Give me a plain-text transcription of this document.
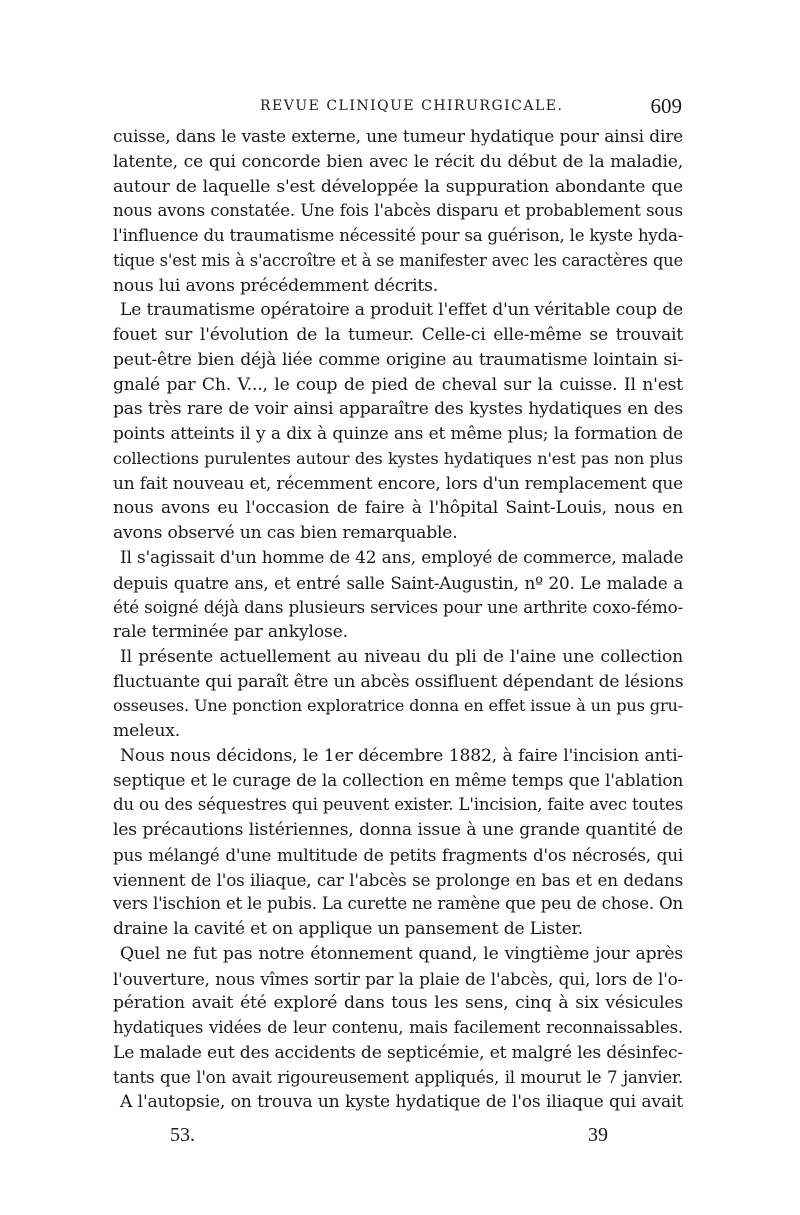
REVUE CLINIQUE CHIRURGICALE.	609
cuisse, dans le vaste externe, une tumeur hydatique pour ainsi dire
latente, ce qui concorde bien avec le récit du début de la maladie,
autour de laquelle s'est développée la suppuration abondante que
nous avons constatée. Une fois l'abcès disparu et probablement sous
l'influence du traumatisme nécessité pour sa guérison, le kyste hyda-
tique s'est mis à s'accroître et à se manifester avec les caractères que
nous lui avons précédemment décrits.
Le traumatisme opératoire a produit l'effet d'un véritable coup de
fouet sur l'évolution de la tumeur. Celle-ci elle-même se trouvait
peut-être bien déjà liée comme origine au traumatisme lointain si-
gnalé par Ch. V..., le coup de pied de cheval sur la cuisse. Il n'est
pas très rare de voir ainsi apparaître des kystes hydatiques en des
points atteints il y a dix à quinze ans et même plus; la formation de
collections purulentes autour des kystes hydatiques n'est pas non plus
un fait nouveau et, récemment encore, lors d'un remplacement que
nous avons eu l'occasion de faire à l'hôpital Saint-Louis, nous en
avons observé un cas bien remarquable.
Il s'agissait d'un homme de 42 ans, employé de commerce, malade
depuis quatre ans, et entré salle Saint-Augustin, nº 20. Le malade a
été soigné déjà dans plusieurs services pour une arthrite coxo-fémo-
rale terminée par ankylose.
Il présente actuellement au niveau du pli de l'aine une collection
fluctuante qui paraît être un abcès ossifluent dépendant de lésions
osseuses. Une ponction exploratrice donna en effet issue à un pus gru-
meleux.
Nous nous décidons, le 1er décembre 1882, à faire l'incision anti-
septique et le curage de la collection en même temps que l'ablation
du ou des séquestres qui peuvent exister. L'incision, faite avec toutes
les précautions listériennes, donna issue à une grande quantité de
pus mélangé d'une multitude de petits fragments d'os nécrosés, qui
viennent de l'os iliaque, car l'abcès se prolonge en bas et en dedans
vers l'ischion et le pubis. La curette ne ramène que peu de chose. On
draine la cavité et on applique un pansement de Lister.
Quel ne fut pas notre étonnement quand, le vingtième jour après
l'ouverture, nous vîmes sortir par la plaie de l'abcès, qui, lors de l'o-
pération avait été exploré dans tous les sens, cinq à six vésicules
hydatiques vidées de leur contenu, mais facilement reconnaissables.
Le malade eut des accidents de septicémie, et malgré les désinfec-
tants que l'on avait rigoureusement appliqués, il mourut le 7 janvier.
A l'autopsie, on trouva un kyste hydatique de l'os iliaque qui avait
53.	39
